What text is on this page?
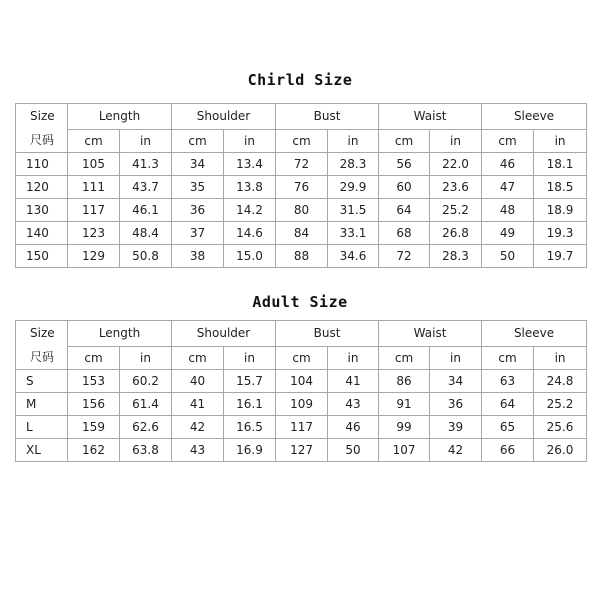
Chirld Size
Size
尺码	Length		Shoulder		Bust		Waist		Sleeve	
	cm	in	cm	in	cm	in	cm	in	cm	in
110	105	41.3	34	13.4	72	28.3	56	22.0	46	18.1
120	111	43.7	35	13.8	76	29.9	60	23.6	47	18.5
130	117	46.1	36	14.2	80	31.5	64	25.2	48	18.9
140	123	48.4	37	14.6	84	33.1	68	26.8	49	19.3
150	129	50.8	38	15.0	88	34.6	72	28.3	50	19.7
Adult Size
Size
尺码	Length		Shoulder		Bust		Waist		Sleeve	
	cm	in	cm	in	cm	in	cm	in	cm	in
S	153	60.2	40	15.7	104	41	86	34	63	24.8
M	156	61.4	41	16.1	109	43	91	36	64	25.2
L	159	62.6	42	16.5	117	46	99	39	65	25.6
XL	162	63.8	43	16.9	127	50	107	42	66	26.0
